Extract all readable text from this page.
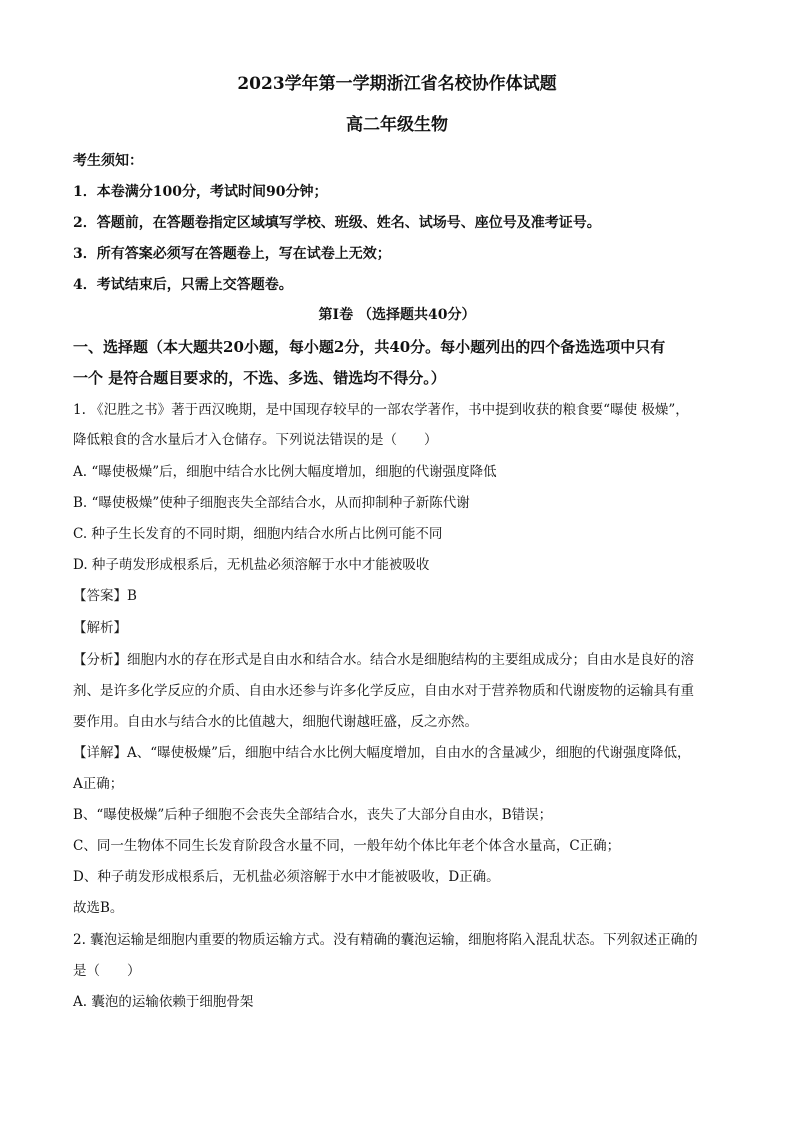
2023学年第一学期浙江省名校协作体试题
高二年级生物
考生须知：
1．本卷满分100分，考试时间90分钟；
2．答题前，在答题卷指定区域填写学校、班级、姓名、试场号、座位号及准考证号。
3．所有答案必须写在答题卷上，写在试卷上无效；
4．考试结束后，只需上交答题卷。
第Ⅰ卷 （选择题共40分）
一、选择题（本大题共20小题，每小题2分，共40分。每小题列出的四个备选选项中只有
一个 是符合题目要求的，不选、多选、错选均不得分。）
1. 《氾胜之书》著于西汉晚期，是中国现存较早的一部农学著作，书中提到收获的粮食要“曝使 极燥”，
降低粮食的含水量后才入仓储存。下列说法错误的是（　　）
A. “曝使极燥”后，细胞中结合水比例大幅度增加，细胞的代谢强度降低
B. “曝使极燥”使种子细胞丧失全部结合水，从而抑制种子新陈代谢
C. 种子生长发育的不同时期，细胞内结合水所占比例可能不同
D. 种子萌发形成根系后，无机盐必须溶解于水中才能被吸收
【答案】B
【解析】
【分析】细胞内水的存在形式是自由水和结合水。结合水是细胞结构的主要组成成分；自由水是良好的溶
剂、是许多化学反应的介质、自由水还参与许多化学反应，自由水对于营养物质和代谢废物的运输具有重
要作用。自由水与结合水的比值越大，细胞代谢越旺盛，反之亦然。
【详解】A、“曝使极燥”后，细胞中结合水比例大幅度增加，自由水的含量减少，细胞的代谢强度降低，
A正确；
B、“曝使极燥”后种子细胞不会丧失全部结合水，丧失了大部分自由水，B错误；
C、同一生物体不同生长发育阶段含水量不同，一般年幼个体比年老个体含水量高，C正确；
D、种子萌发形成根系后，无机盐必须溶解于水中才能被吸收，D正确。
故选B。
2. 囊泡运输是细胞内重要的物质运输方式。没有精确的囊泡运输，细胞将陷入混乱状态。下列叙述正确的
是（　　）
A. 囊泡的运输依赖于细胞骨架
